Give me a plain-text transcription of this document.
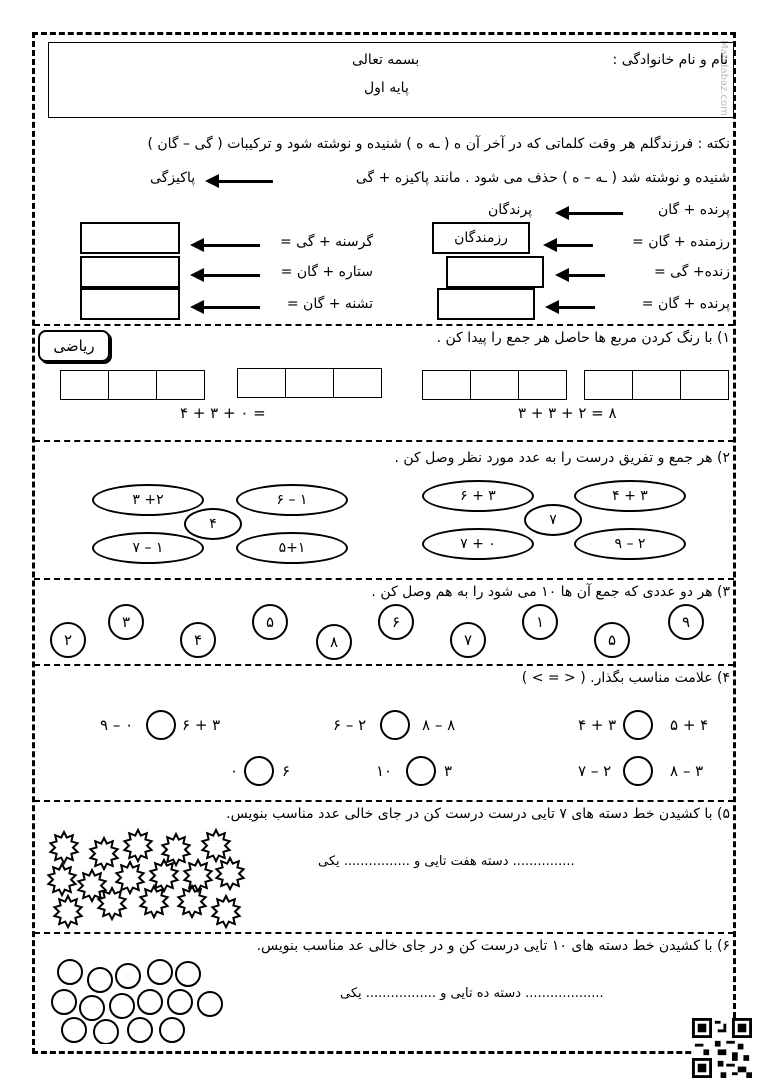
Mahdabaz.com
نام و نام خانوادگی :
بسمه تعالی
پایه اول
نکته : فرزندگلم هر وقت کلماتی که در آخر آن ه ( ـه ه ) شنیده و نوشته شود و ترکیبات ( گی – گان )
شنیده و نوشته شد ( ـه – ه ) حذف می شود . مانند پاکیزه + گی
پاکیزگی
پرنده + گان
پرندگان
رزمنده + گان =
رزمندگان
زنده+ گی =
پرنده + گان =
گرسنه + گی =
ستاره + گان =
تشنه + گان =
ریاضی	۱) با رنگ کردن مربع ها حاصل هر جمع را پیدا کن .
۳ + ۳ + ۲ = ۸
۴ + ۳ + ۰ =
۲) هر جمع و تفریق درست را به عدد مورد نظر وصل کن .
۶ + ۳	۴ + ۳
۷
۷ + ۰	۹ – ۲
۳ +۲	۶ – ۱
۴
۷ – ۱	۵+۱
۳) هر دو عددی که جمع آن ها ۱۰ می شود را به هم وصل کن .
۹
۵
۱
۷
۶
۸
۵
۴
۳
۲
۴) علامت مناسب بگذار. ( < = > )
۵ + ۴
۴ + ۳
۸ – ۸
۶ – ۲
۶ + ۳
۹ – ۰
۸ – ۳
۷ – ۲
۳
۱۰
۶
۰
۵) با کشیدن خط دسته های ۷ تایی درست درست کن در جای خالی عدد مناسب بنویس.
............... دسته هفت تایی و ................ یکی
۶) با کشیدن خط دسته های ۱۰ تایی درست کن و در جای خالی عد مناسب بنویس.
................... دسته ده تایی و ................. یکی
